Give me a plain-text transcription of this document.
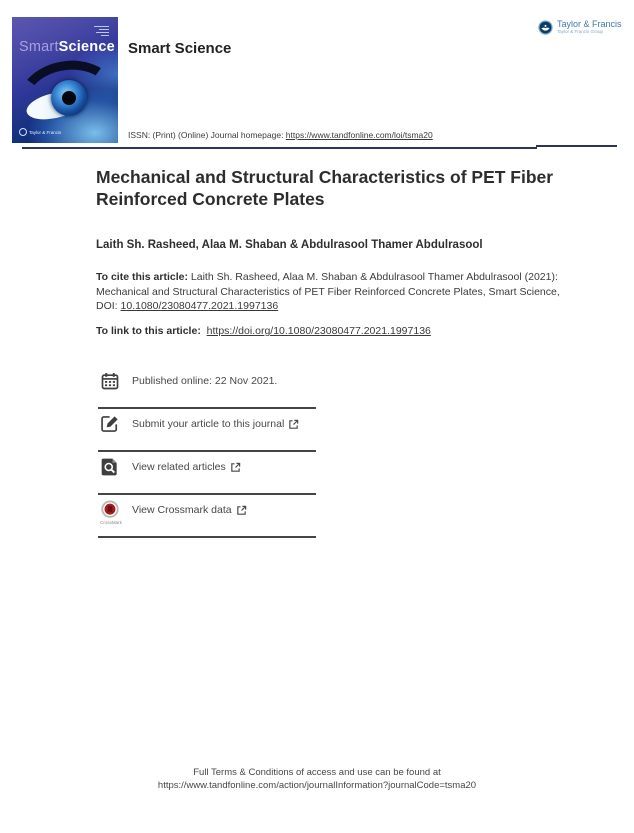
SmartScience
Taylor & Francis
Smart Science
ISSN: (Print) (Online) Journal homepage: https://www.tandfonline.com/loi/tsma20
Taylor & Francis
Taylor & Francis Group
Mechanical and Structural Characteristics of PET Fiber Reinforced Concrete Plates
Laith Sh. Rasheed, Alaa M. Shaban & Abdulrasool Thamer Abdulrasool
To cite this article: Laith Sh. Rasheed, Alaa M. Shaban & Abdulrasool Thamer Abdulrasool (2021): Mechanical and Structural Characteristics of PET Fiber Reinforced Concrete Plates, Smart Science, DOI: 10.1080/23080477.2021.1997136
To link to this article: https://doi.org/10.1080/23080477.2021.1997136
Published online: 22 Nov 2021.
Submit your article to this journal
View related articles
View Crossmark data
CrossMark
Full Terms & Conditions of access and use can be found at
https://www.tandfonline.com/action/journalInformation?journalCode=tsma20
